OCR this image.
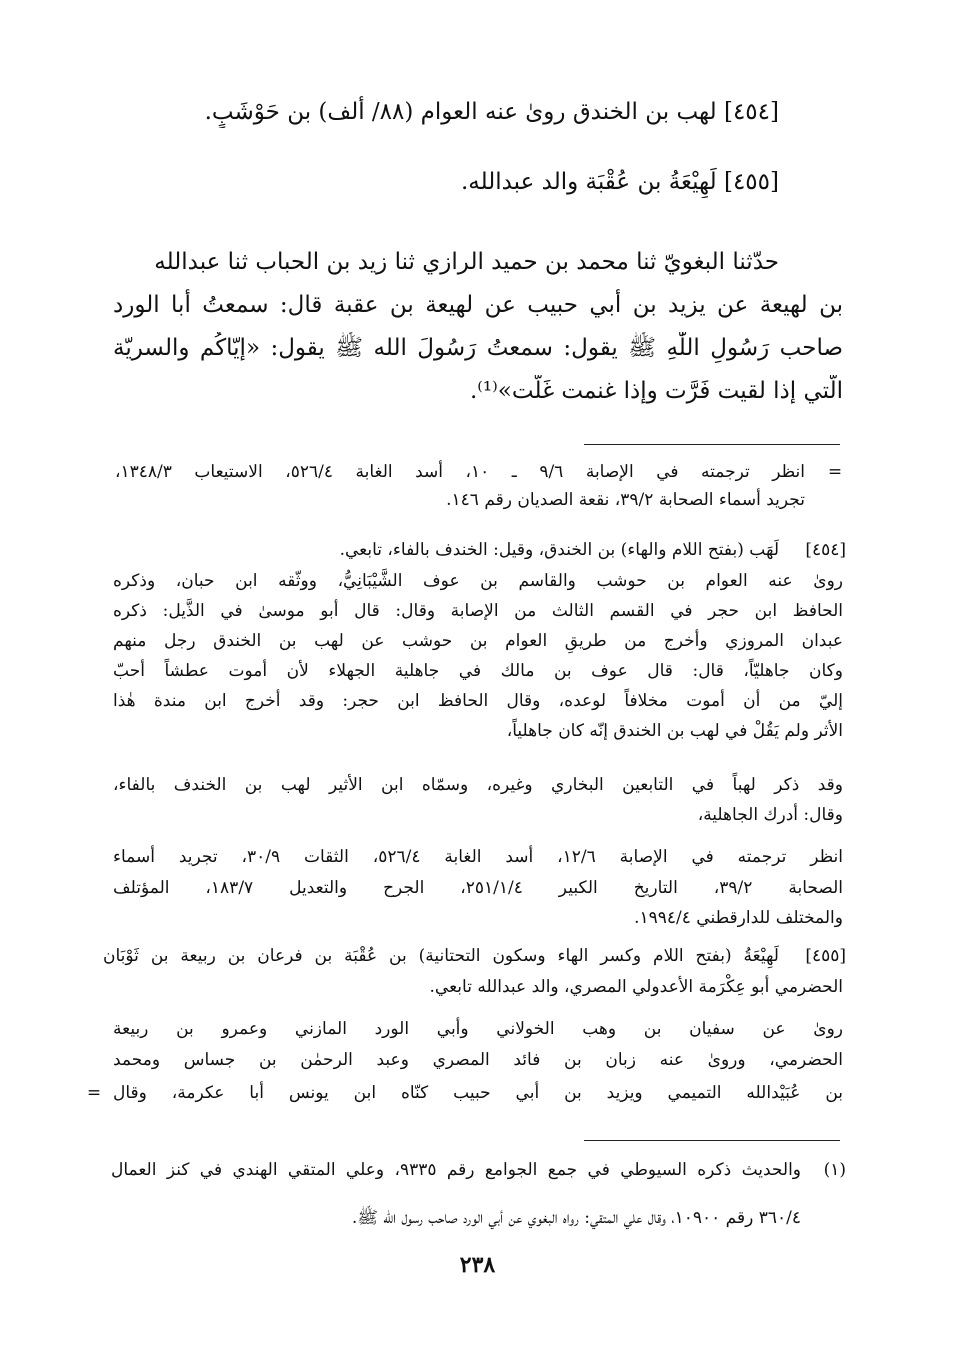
[٤٥٤] لهب بن الخندق روىٰ عنه العوام (٨٨/ ألف) بن حَوْشَبٍ.
[٤٥٥] لَهِيْعَةُ بن عُقْبَة والد عبدالله.
حدّثنا البغويّ ثنا محمد بن حميد الرازي ثنا زيد بن الحباب ثنا عبدالله
بن لهيعة عن يزيد بن أبي حبيب عن لهيعة بن عقبة قال: سمعتُ أبا الورد
صاحب رَسُولِ اللّٰهِ ﷺ يقول: سمعتُ رَسُولَ الله ﷺ يقول: «إيّاكُم والسريّة
الّتي إذا لقيت فَرَّت وإذا غنمت غَلَّت»⁽¹⁾.
=
انظر ترجمته في الإصابة ٩/٦ ـ ١٠، أسد الغابة ٥٢٦/٤، الاستيعاب ١٣٤٨/٣،
تجريد أسماء الصحابة ٣٩/٢، نقعة الصديان رقم ١٤٦.
[٤٥٤]
لَهَب (بفتح اللام والهاء) بن الخندق، وقيل: الخندف بالفاء، تابعي.
روىٰ عنه العوام بن حوشب والقاسم بن عوف الشَّيْبَانِيُّ، ووثّقه ابن حبان، وذكره
الحافظ ابن حجر في القسم الثالث من الإصابة وقال: قال أبو موسىٰ في الذَّيل: ذكره
عبدان المروزي وأخرج من طريقِ العوام بن حوشب عن لهب بن الخندق رجل منهم
وكان جاهليّاً، قال: قال عوف بن مالك في جاهلية الجهلاء لأن أموت عطشاً أحبّ
إليّ من أن أموت مخلافاً لوعده، وقال الحافظ ابن حجر: وقد أخرج ابن مندة هٰذا
الأثر ولم يَقُلْ في لهب بن الخندق إنّه كان جاهلياً،
وقد ذكر لهباً في التابعين البخاري وغيره، وسمّاه ابن الأثير لهب بن الخندف بالفاء،
وقال: أدرك الجاهلية،
انظر ترجمته في الإصابة ١٢/٦، أسد الغابة ٥٢٦/٤، الثقات ٣٠/٩، تجريد أسماء
الصحابة ٣٩/٢، التاريخ الكبير ٢٥١/١/٤، الجرح والتعديل ١٨٣/٧، المؤتلف
والمختلف للدارقطني ١٩٩٤/٤.
[٤٥٥]
لَهِيْعَةُ (بفتح اللام وكسر الهاء وسكون التحتانية) بن عُقْبَة بن فرعان بن ربيعة بن ثَوْبَان
الحضرمي أبو عِكْرَمة الأعدولي المصري، والد عبدالله تابعي.
روىٰ عن سفيان بن وهب الخولاني وأبي الورد المازني وعمرو بن ربيعة
الحضرمي، وروىٰ عنه زبان بن فائد المصري وعبد الرحمٰن بن جساس ومحمد
بن عُبَيْدالله التميمي ويزيد بن أبي حبيب كنّاه ابن يونس أبا عكرمة، وقال
=
(١)
والحديث ذكره السيوطي في جمع الجوامع رقم ٩٣٣٥، وعلي المتقي الهندي في كنز العمال
٣٦٠/٤ رقم ١٠٩٠٠، وقال علي المتقي: رواه البغوي عن أبي الورد صاحب رسول الله ﷺ.
٢٣٨
